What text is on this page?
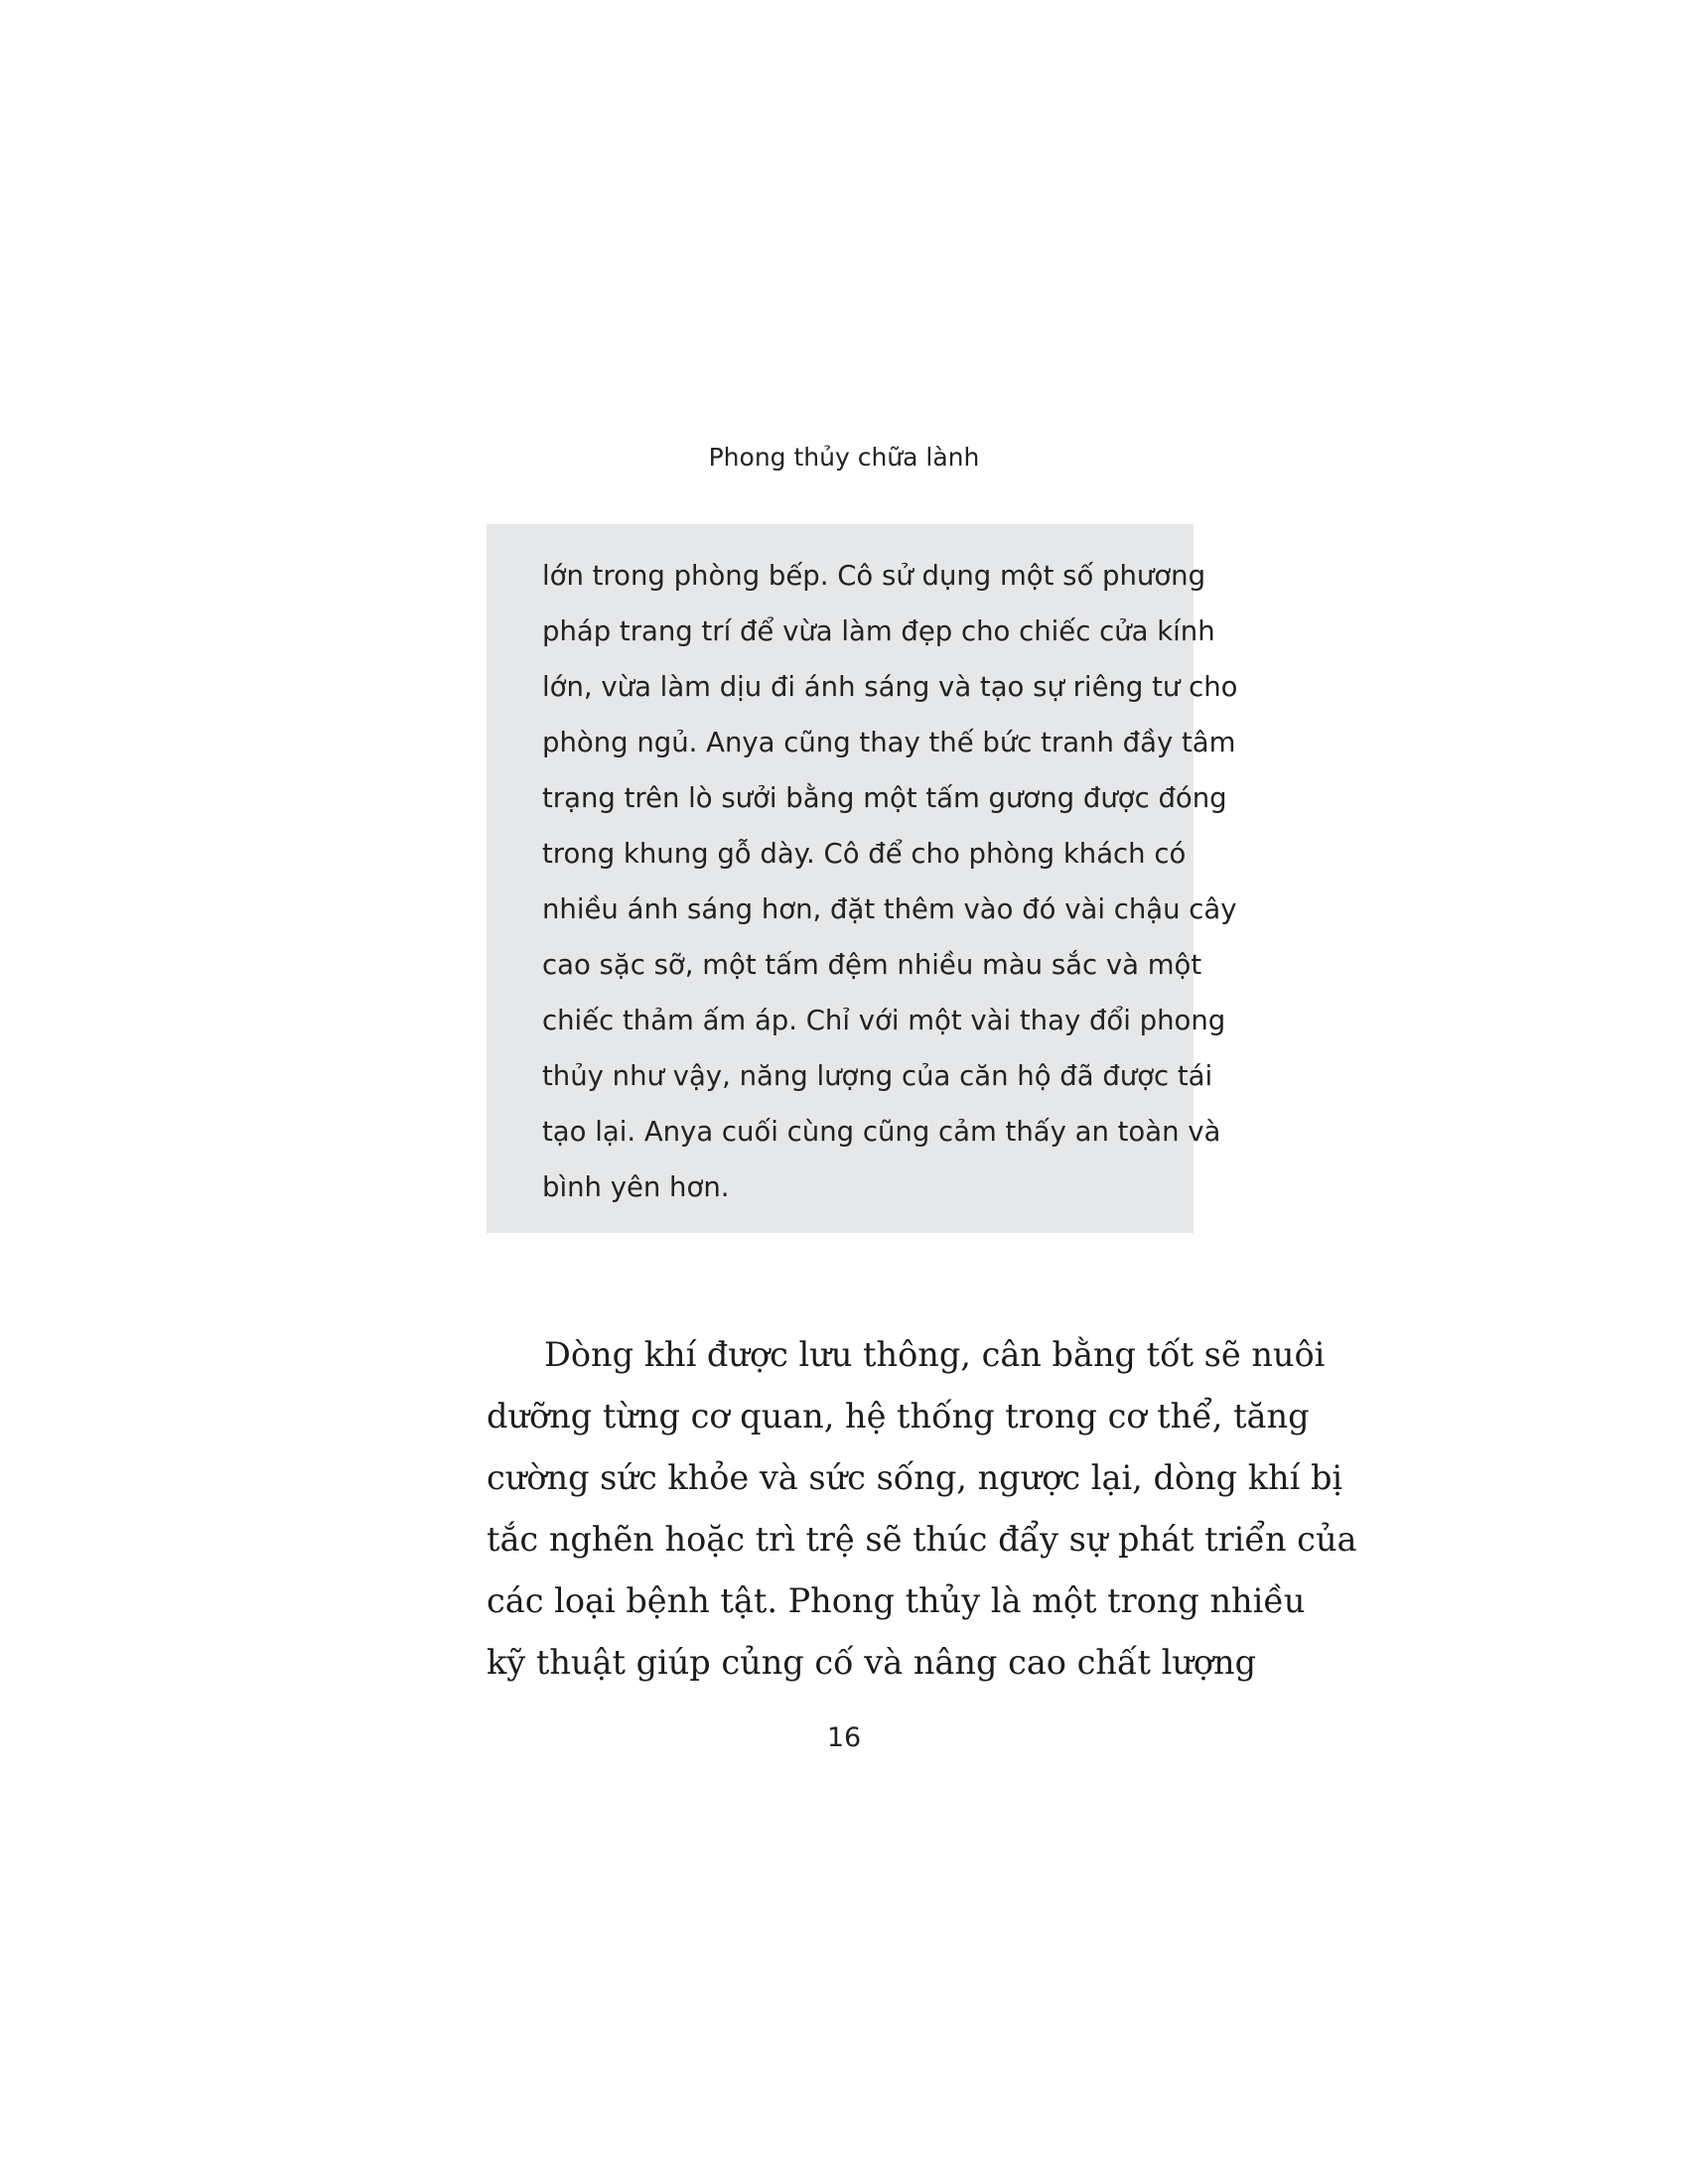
Phong thủy chữa lành
lớn trong phòng bếp. Cô sử dụng một số phương
pháp trang trí để vừa làm đẹp cho chiếc cửa kính
lớn, vừa làm dịu đi ánh sáng và tạo sự riêng tư cho
phòng ngủ. Anya cũng thay thế bức tranh đầy tâm
trạng trên lò sưởi bằng một tấm gương được đóng
trong khung gỗ dày. Cô để cho phòng khách có
nhiều ánh sáng hơn, đặt thêm vào đó vài chậu cây
cao sặc sỡ, một tấm đệm nhiều màu sắc và một
chiếc thảm ấm áp. Chỉ với một vài thay đổi phong
thủy như vậy, năng lượng của căn hộ đã được tái
tạo lại. Anya cuối cùng cũng cảm thấy an toàn và
bình yên hơn.
Dòng khí được lưu thông, cân bằng tốt sẽ nuôi
dưỡng từng cơ quan, hệ thống trong cơ thể, tăng
cường sức khỏe và sức sống, ngược lại, dòng khí bị
tắc nghẽn hoặc trì trệ sẽ thúc đẩy sự phát triển của
các loại bệnh tật. Phong thủy là một trong nhiều
kỹ thuật giúp củng cố và nâng cao chất lượng
16
